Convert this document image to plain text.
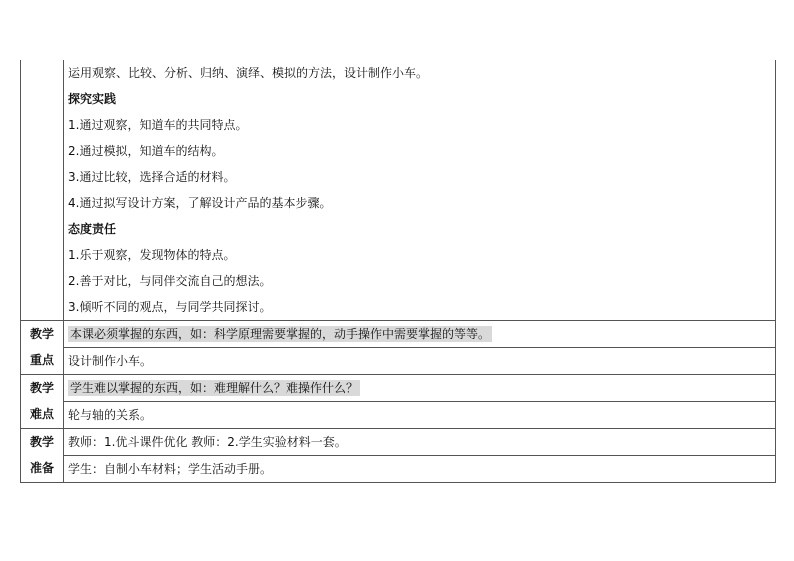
运用观察、比较、分析、归纳、演绎、模拟的方法，设计制作小车。
探究实践
1.通过观察，知道车的共同特点。
2.通过模拟，知道车的结构。
3.通过比较，选择合适的材料。
4.通过拟写设计方案，了解设计产品的基本步骤。
态度责任
1.乐于观察，发现物体的特点。
2.善于对比，与同伴交流自己的想法。
3.倾听不同的观点，与同学共同探讨。
教学
重点
本课必须掌握的东西，如：科学原理需要掌握的，动手操作中需要掌握的等等。
设计制作小车。
教学
难点
学生难以掌握的东西，如：难理解什么？难操作什么？
轮与轴的关系。
教学
准备
教师：1.优斗课件优化 教师：2.学生实验材料一套。
学生：自制小车材料；学生活动手册。
